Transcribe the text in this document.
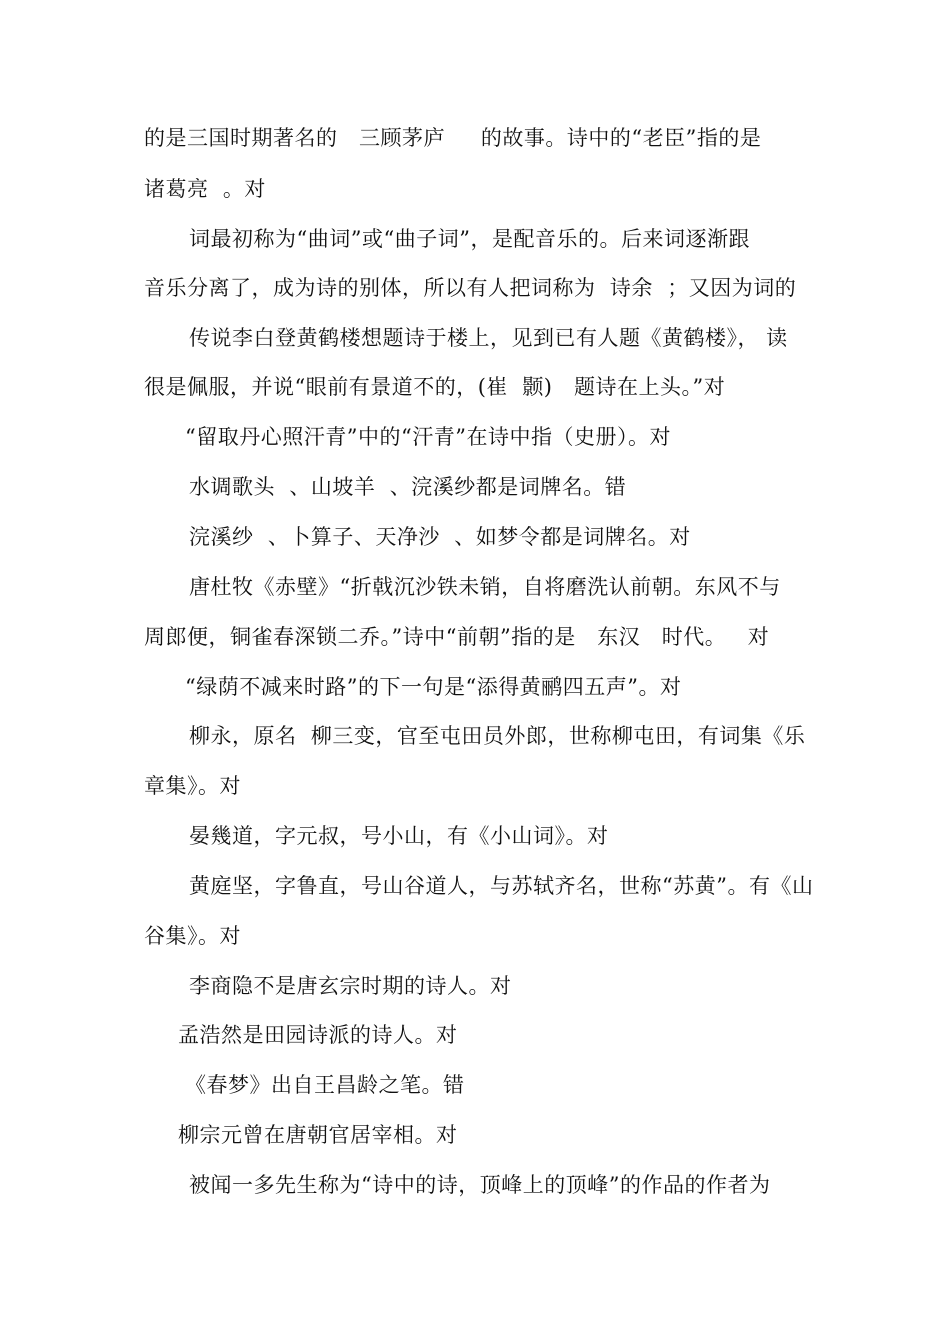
的是三国时期著名的   三顾茅庐     的故事。诗中的“老臣”指的是
诸葛亮  。对
词最初称为“曲词”或“曲子词”，是配音乐的。后来词逐渐跟
音乐分离了，成为诗的别体，所以有人把词称为  诗余  ；又因为词的
传说李白登黄鹤楼想题诗于楼上，见到已有人题《黄鹤楼》， 读
很是佩服，并说“眼前有景道不的，(崔  颢)   题诗在上头。”对
“留取丹心照汗青”中的“汗青”在诗中指（史册）。对
水调歌头  、山坡羊  、浣溪纱都是词牌名。错
浣溪纱  、卜算子、天净沙  、如梦令都是词牌名。对
唐杜牧《赤壁》“折戟沉沙铁未销，自将磨洗认前朝。东风不与
周郎便，铜雀春深锁二乔。”诗中“前朝”指的是   东汉   时代。   对
“绿荫不减来时路”的下一句是“添得黄鹂四五声”。对
柳永，原名  柳三变，官至屯田员外郎，世称柳屯田，有词集《乐
章集》。对
晏幾道，字元叔，号小山，有《小山词》。对
黄庭坚，字鲁直，号山谷道人，与苏轼齐名，世称“苏黄”。有《山
谷集》。对
李商隐不是唐玄宗时期的诗人。对
孟浩然是田园诗派的诗人。对
《春梦》出自王昌龄之笔。错
柳宗元曾在唐朝官居宰相。对
被闻一多先生称为“诗中的诗，顶峰上的顶峰”的作品的作者为
